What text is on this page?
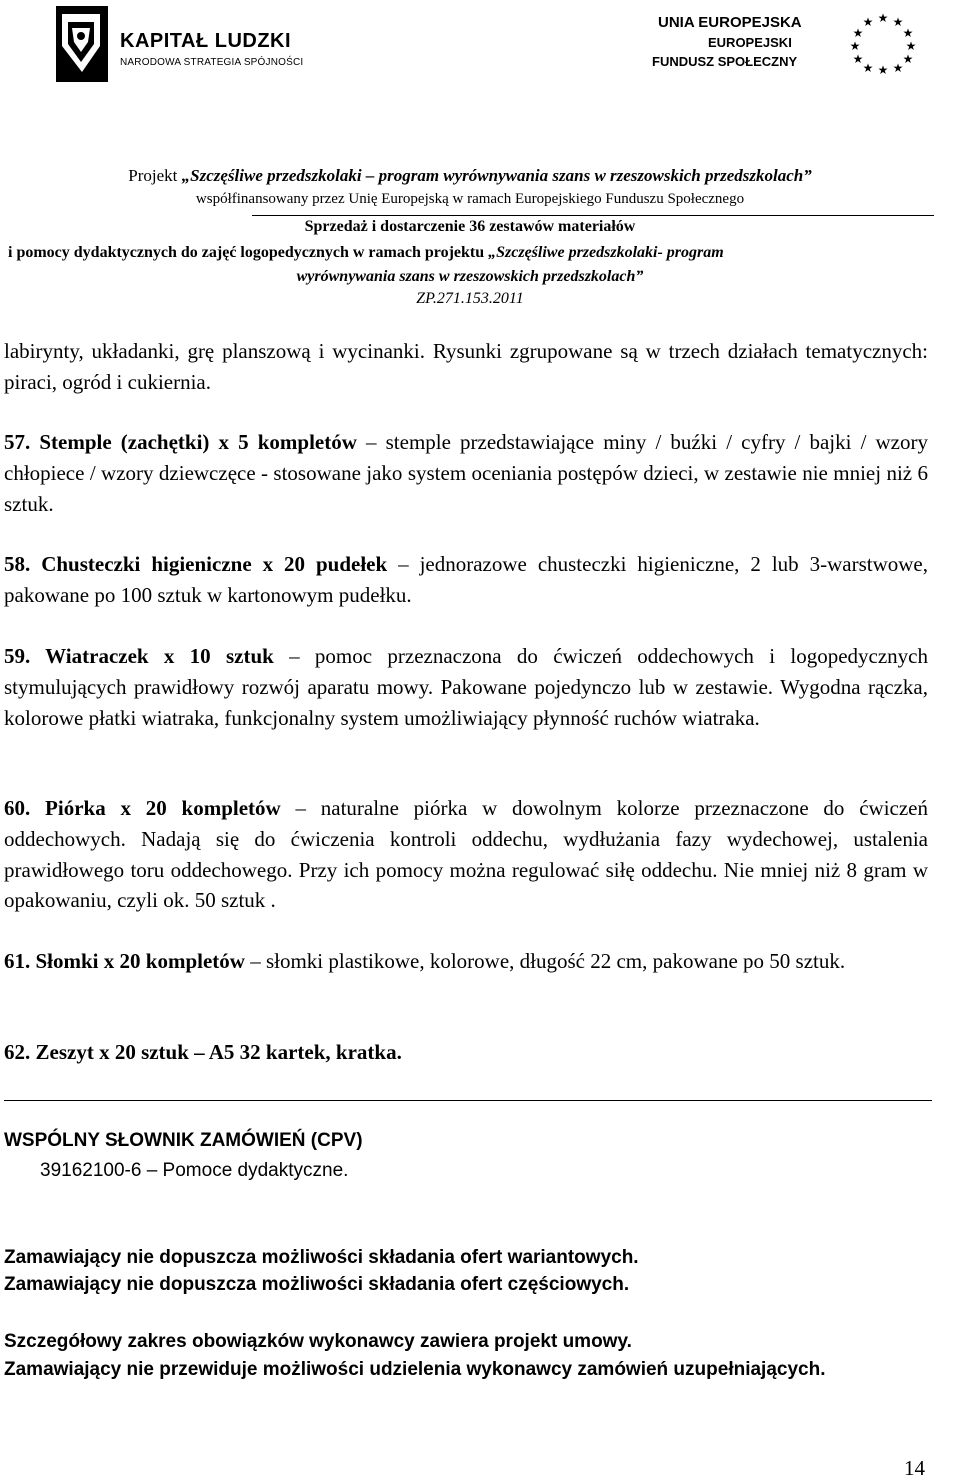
KAPITAŁ LUDZKI
NARODOWA STRATEGIA SPÓJNOŚCI
UNIA EUROPEJSKA
EUROPEJSKI
FUNDUSZ SPOŁECZNY
★ ★
★
★
★
★
★
★
★
★
★
★
Projekt „Szczęśliwe przedszkolaki – program wyrównywania szans w rzeszowskich przedszkolach”
współfinansowany przez Unię Europejską w ramach Europejskiego Funduszu Społecznego
Sprzedaż i dostarczenie 36 zestawów materiałów
i pomocy dydaktycznych do zajęć logopedycznych w ramach projektu „Szczęśliwe przedszkolaki- program
wyrównywania szans w rzeszowskich przedszkolach”
ZP.271.153.2011
labirynty, układanki, grę planszową i wycinanki. Rysunki zgrupowane są w trzech działach tematycznych: piraci, ogród i cukiernia.
57. Stemple (zachętki) x 5 kompletów – stemple przedstawiające miny / buźki / cyfry / bajki / wzory chłopiece / wzory dziewczęce - stosowane jako system oceniania postępów dzieci, w zestawie nie mniej niż 6 sztuk.
58. Chusteczki higieniczne x 20 pudełek – jednorazowe chusteczki higieniczne, 2 lub 3-warstwowe, pakowane po 100 sztuk w kartonowym pudełku.
59. Wiatraczek x 10 sztuk – pomoc przeznaczona do ćwiczeń oddechowych i logopedycznych stymulujących prawidłowy rozwój aparatu mowy. Pakowane pojedynczo lub w zestawie. Wygodna rączka, kolorowe płatki wiatraka, funkcjonalny system umożliwiający płynność ruchów wiatraka.
60. Piórka x 20 kompletów – naturalne piórka w dowolnym kolorze przeznaczone do ćwiczeń oddechowych. Nadają się do ćwiczenia kontroli oddechu, wydłużania fazy wydechowej, ustalenia prawidłowego toru oddechowego. Przy ich pomocy można regulować siłę oddechu. Nie mniej niż 8 gram w opakowaniu, czyli ok. 50 sztuk .
61. Słomki x 20 kompletów – słomki plastikowe, kolorowe, długość 22 cm, pakowane po 50 sztuk.
62. Zeszyt x 20 sztuk – A5 32 kartek, kratka.
WSPÓLNY SŁOWNIK ZAMÓWIEŃ (CPV)
39162100-6 – Pomoce dydaktyczne.
Zamawiający nie dopuszcza możliwości składania ofert wariantowych.
Zamawiający nie dopuszcza możliwości składania ofert częściowych.
Szczegółowy zakres obowiązków wykonawcy zawiera projekt umowy.
Zamawiający nie przewiduje możliwości udzielenia wykonawcy zamówień uzupełniających.
14
